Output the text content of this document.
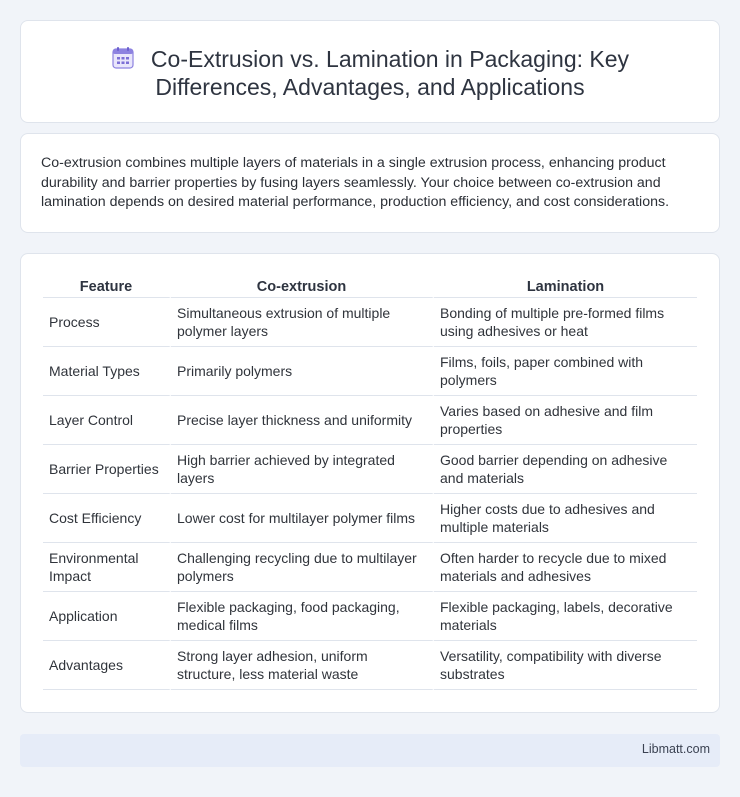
Co-Extrusion vs. Lamination in Packaging: Key Differences, Advantages, and Applications

Co-extrusion combines multiple layers of materials in a single extrusion process, enhancing product durability and barrier properties by fusing layers seamlessly. Your choice between co-extrusion and lamination depends on desired material performance, production efficiency, and cost considerations.

Feature	Co-extrusion	Lamination
Process	Simultaneous extrusion of multiple polymer layers	Bonding of multiple pre-formed films using adhesives or heat
Material Types	Primarily polymers	Films, foils, paper combined with polymers
Layer Control	Precise layer thickness and uniformity	Varies based on adhesive and film properties
Barrier Properties	High barrier achieved by integrated layers	Good barrier depending on adhesive and materials
Cost Efficiency	Lower cost for multilayer polymer films	Higher costs due to adhesives and multiple materials
Environmental Impact	Challenging recycling due to multilayer polymers	Often harder to recycle due to mixed materials and adhesives
Application	Flexible packaging, food packaging, medical films	Flexible packaging, labels, decorative materials
Advantages	Strong layer adhesion, uniform structure, less material waste	Versatility, compatibility with diverse substrates
Libmatt.com
